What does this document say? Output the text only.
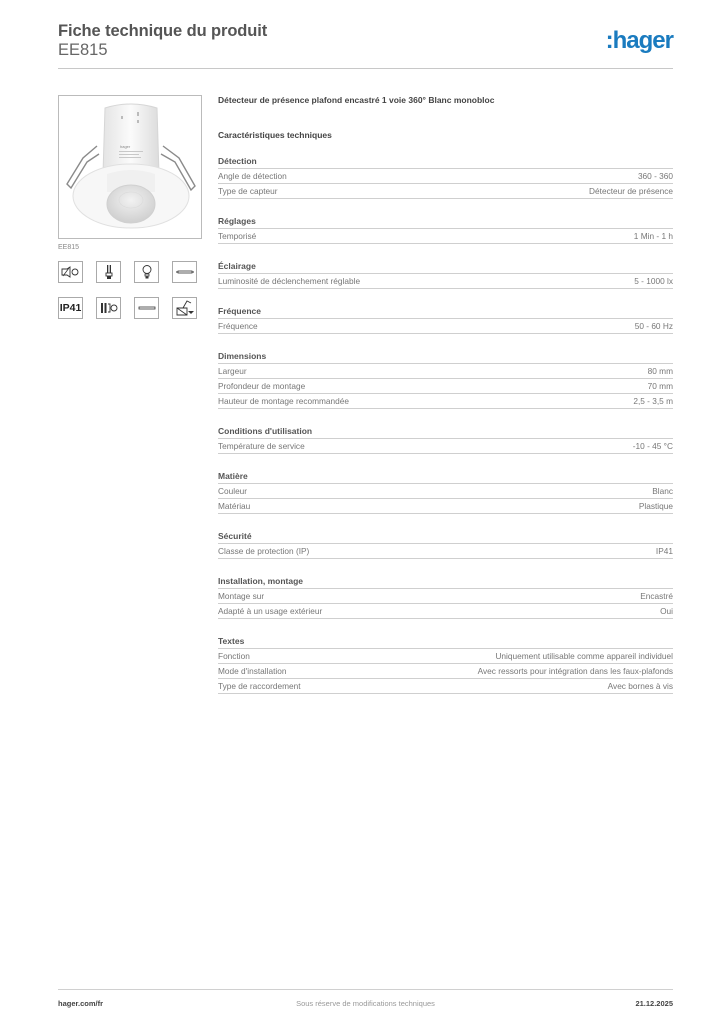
Fiche technique du produit
EE815	:hager
hager
EE815
IP41
Détecteur de présence plafond encastré 1 voie 360° Blanc monobloc
Caractéristiques techniques
Détection
Angle de détection	360 - 360
Type de capteur	Détecteur de présence
Réglages
Temporisé	1 Min - 1 h
Éclairage
Luminosité de déclenchement réglable	5 - 1000 lx
Fréquence
Fréquence	50 - 60 Hz
Dimensions
Largeur	80 mm
Profondeur de montage	70 mm
Hauteur de montage recommandée	2,5 - 3,5 m
Conditions d'utilisation
Température de service	-10 - 45 °C
Matière
Couleur	Blanc
Matériau	Plastique
Sécurité
Classe de protection (IP)	IP41
Installation, montage
Montage sur	Encastré
Adapté à un usage extérieur	Oui
Textes
Fonction	Uniquement utilisable comme appareil individuel
Mode d'installation	Avec ressorts pour intégration dans les faux-plafonds
Type de raccordement	Avec bornes à vis
hager.com/fr	Sous réserve de modifications techniques	21.12.2025
